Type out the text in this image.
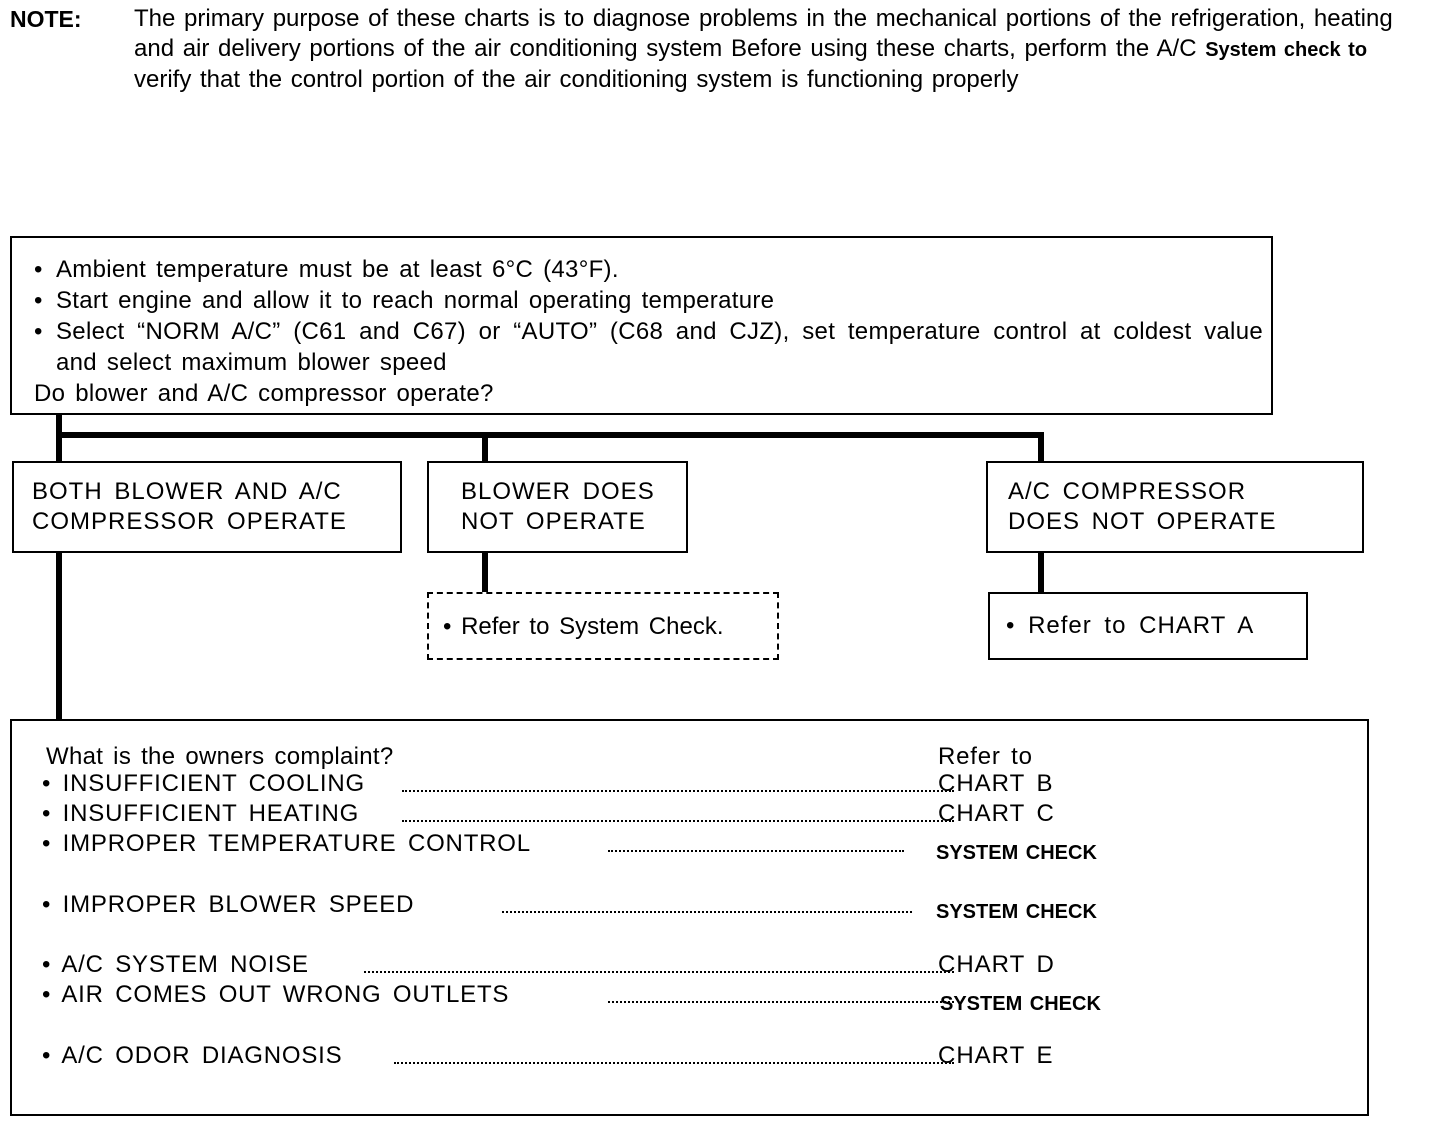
NOTE: The primary purpose of these charts is to diagnose problems in the mechanical portions of the refrigeration, heating and air delivery portions of the air conditioning system Before using these charts, perform the A/C System check to verify that the control portion of the air conditioning system is functioning properly
• Ambient temperature must be at least 6°C (43°F).
• Start engine and allow it to reach normal operating temperature
• Select “NORM A/C” (C61 and C67) or “AUTO” (C68 and CJZ), set temperature control at coldest value and select maximum blower speed
Do blower and A/C compressor operate?
BOTH BLOWER AND A/C
COMPRESSOR OPERATE
BLOWER DOES
NOT OPERATE
A/C COMPRESSOR
DOES NOT OPERATE
• Refer to System Check.	• Refer to CHART A
What is the owners complaint?	Refer to
• INSUFFICIENT COOLING	CHART B
• INSUFFICIENT HEATING	CHART C
• IMPROPER TEMPERATURE CONTROL	SYSTEM CHECK
• IMPROPER BLOWER SPEED	SYSTEM CHECK
• A/C SYSTEM NOISE	CHART D
• AIR COMES OUT WRONG OUTLETS	SYSTEM CHECK
• A/C ODOR DIAGNOSIS	CHART E
